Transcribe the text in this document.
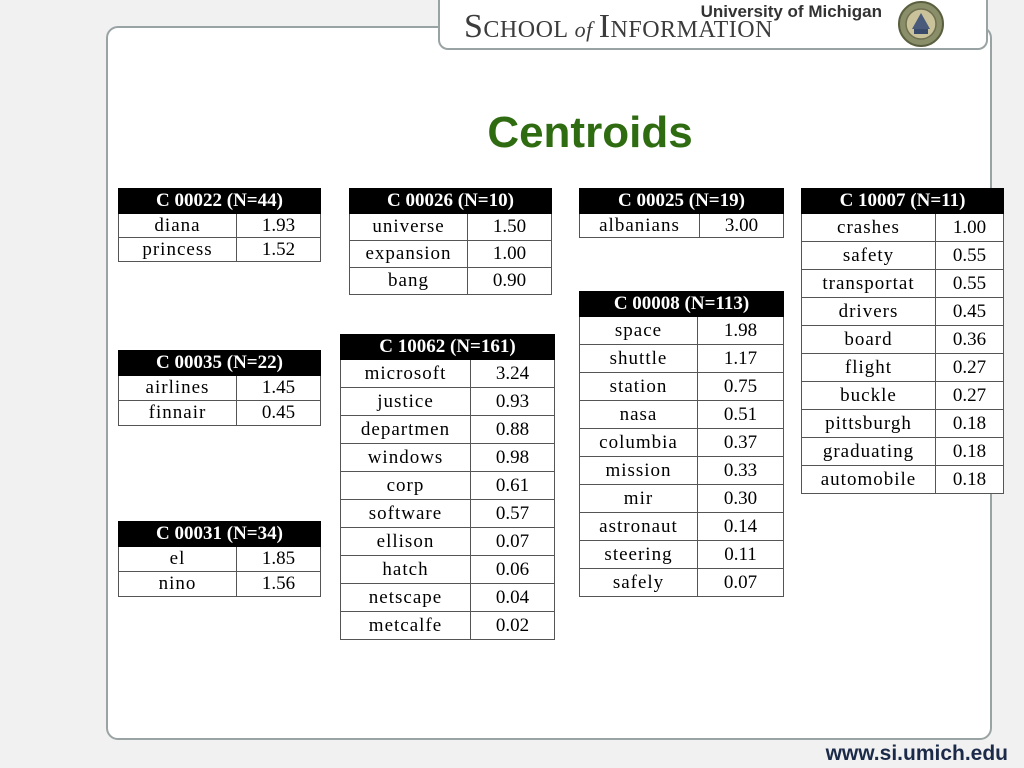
SCHOOL of INFORMATION
University of Michigan
Centroids
C 00022 (N=44)	
diana	1.93
princess	1.52
C 00035 (N=22)	
airlines	1.45
finnair	0.45
C 00031 (N=34)	
el	1.85
nino	1.56
C 00026 (N=10)	
universe	1.50
expansion	1.00
bang	0.90
C 10062 (N=161)	
microsoft	3.24
justice	0.93
departmen	0.88
windows	0.98
corp	0.61
software	0.57
ellison	0.07
hatch	0.06
netscape	0.04
metcalfe	0.02
C 00025 (N=19)
albanians	3.00
C 00008 (N=113)	
space	1.98
shuttle	1.17
station	0.75
nasa	0.51
columbia	0.37
mission	0.33
mir	0.30
astronaut	0.14
steering	0.11
safely	0.07
C 10007 (N=11)	
crashes	1.00
safety	0.55
transportat	0.55
drivers	0.45
board	0.36
flight	0.27
buckle	0.27
pittsburgh	0.18
graduating	0.18
automobile	0.18
www.si.umich.edu
